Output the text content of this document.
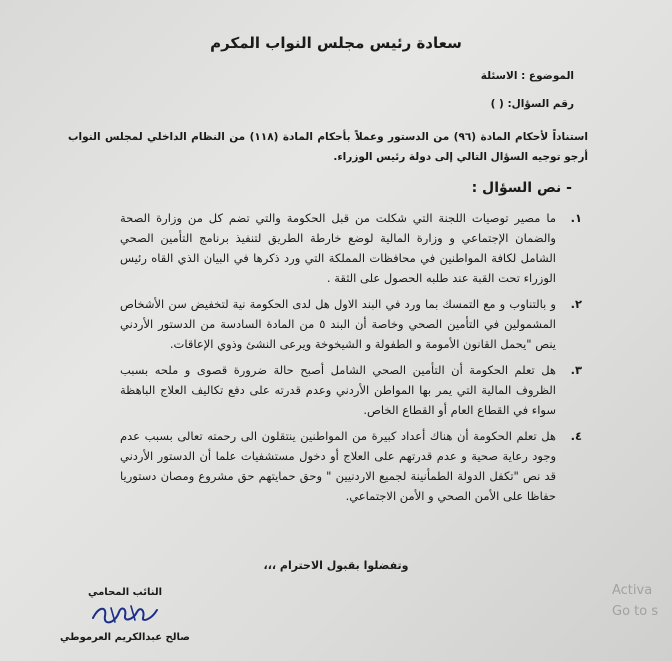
سعادة رئيس مجلس النواب المكرم
الموضوع : الاسئلة
رقم السؤال: ( )
استناداً لأحكام المادة (٩٦) من الدستور وعملاً بأحكام المادة (١١٨) من النظام الداخلي لمجلس النواب أرجو توجيه السؤال التالي إلى دولة رئيس الوزراء.
- نص السؤال :
١.
ما مصير توصيات اللجنة التي شكلت من قبل الحكومة والتي تضم كل من وزارة الصحة والضمان الإجتماعي و وزارة المالية لوضع خارطة الطريق لتنفيذ برنامج التأمين الصحي الشامل لكافة المواطنين في محافظات المملكة التي ورد ذكرها في البيان الذي القاه رئيس الوزراء تحت القبة عند طلبه الحصول على الثقة .
٢.
و بالتناوب و مع التمسك بما ورد في البند الاول هل لدى الحكومة نية لتخفيض سن الأشخاص المشمولين في التأمين الصحي وخاصة أن البند ٥ من المادة السادسة من الدستور الأردني ينص "يحمل القانون الأمومة و الطفولة و الشيخوخة ويرعى النشئ وذوي الإعاقات.
٣.
هل تعلم الحكومة أن التأمين الصحي الشامل أصبح حالة ضرورة قصوى و ملحه بسبب الظروف المالية التي يمر بها المواطن الأردني وعدم قدرته على دفع تكاليف العلاج الباهظة سواء في القطاع العام أو القطاع الخاص.
٤.
هل تعلم الحكومة أن هناك أعداد كبيرة من المواطنين ينتقلون الى رحمته تعالى بسبب عدم وجود رعاية صحية و عدم قدرتهم على العلاج أو دخول مستشفيات علما أن الدستور الأردني قد نص "تكفل الدولة الطمأنينة لجميع الاردنيين " وحق حمايتهم حق مشروع ومصان دستوريا حفاظا على الأمن الصحي و الأمن الاجتماعي.
وتفضلوا بقبول الاحترام ،،،
النائب المحامي
صالح عبدالكريم العرموطي
Activa
Go to s
